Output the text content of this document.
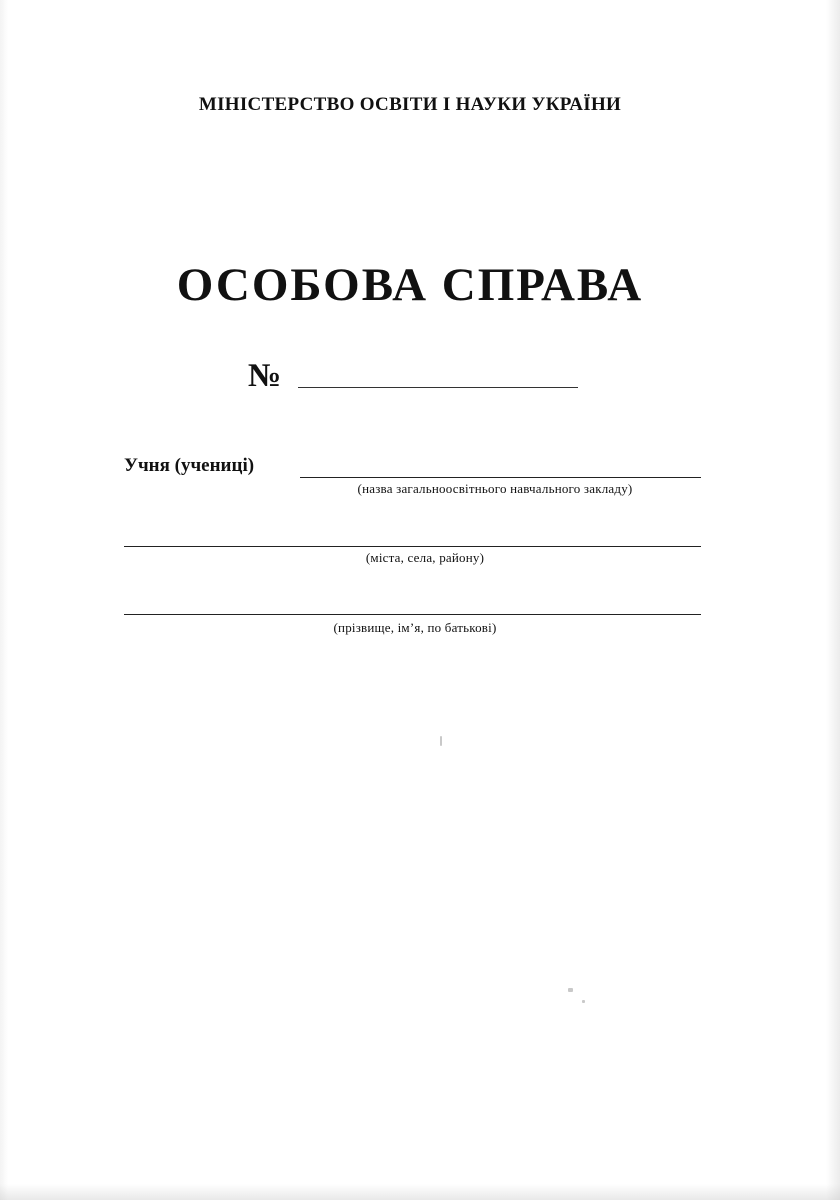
МІНІСТЕРСТВО ОСВІТИ І НАУКИ УКРАЇНИ
ОСОБОВА СПРАВА
№
Учня (учениці)
(назва загальноосвітнього навчального закладу)
(міста, села, району)
(прізвище, ім’я, по батькові)
